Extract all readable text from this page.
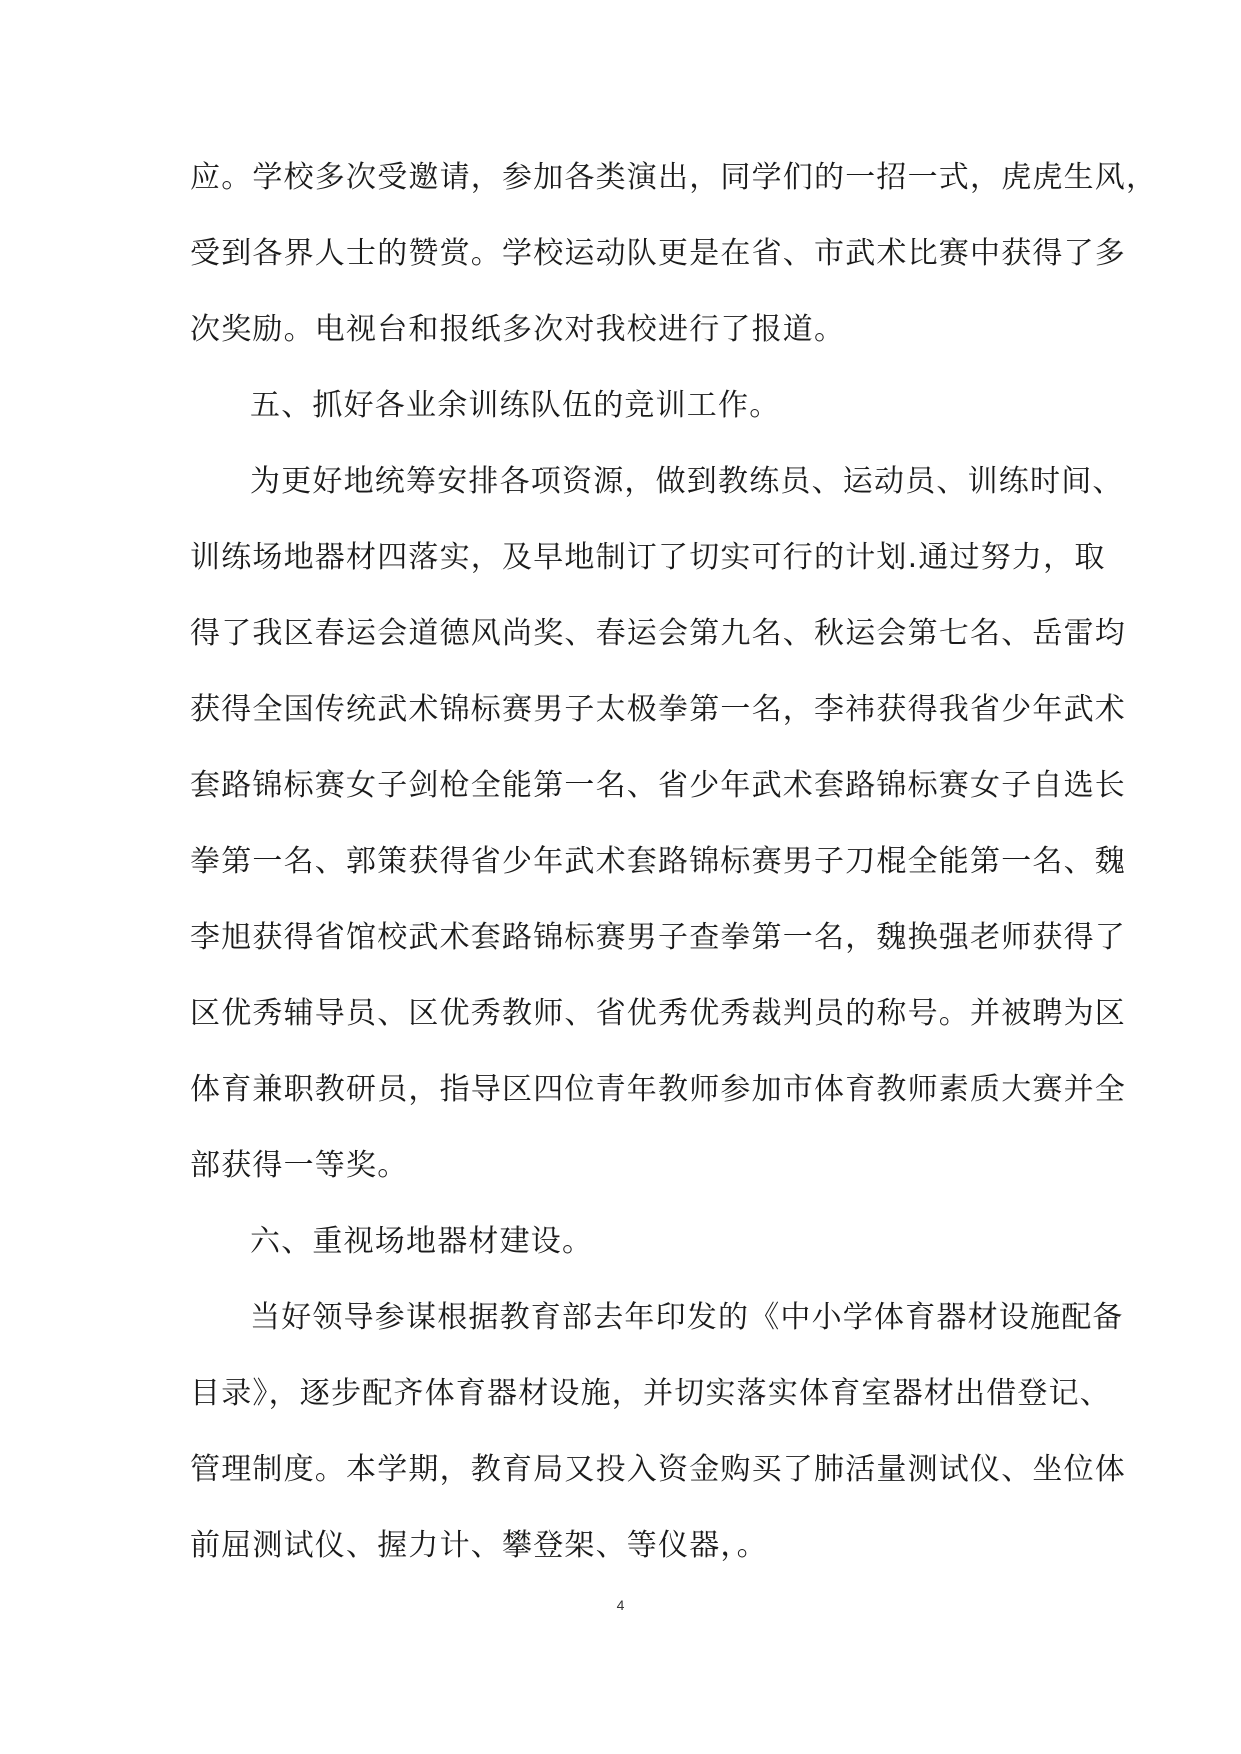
应。学校多次受邀请，参加各类演出，同学们的一招一式，虎虎生风，
受到各界人士的赞赏。学校运动队更是在省、市武术比赛中获得了多
次奖励。电视台和报纸多次对我校进行了报道。
五、抓好各业余训练队伍的竞训工作。
为更好地统筹安排各项资源，做到教练员、运动员、训练时间、
训练场地器材四落实，及早地制订了切实可行的计划.通过努力，取
得了我区春运会道德风尚奖、春运会第九名、秋运会第七名、岳雷均
获得全国传统武术锦标赛男子太极拳第一名，李祎获得我省少年武术
套路锦标赛女子剑枪全能第一名、省少年武术套路锦标赛女子自选长
拳第一名、郭策获得省少年武术套路锦标赛男子刀棍全能第一名、魏
李旭获得省馆校武术套路锦标赛男子查拳第一名，魏换强老师获得了
区优秀辅导员、区优秀教师、省优秀优秀裁判员的称号。并被聘为区
体育兼职教研员，指导区四位青年教师参加市体育教师素质大赛并全
部获得一等奖。
六、重视场地器材建设。
当好领导参谋根据教育部去年印发的《中小学体育器材设施配备
目录》，逐步配齐体育器材设施，并切实落实体育室器材出借登记、
管理制度。本学期，教育局又投入资金购买了肺活量测试仪、坐位体
前屈测试仪、握力计、攀登架、等仪器，。
4
